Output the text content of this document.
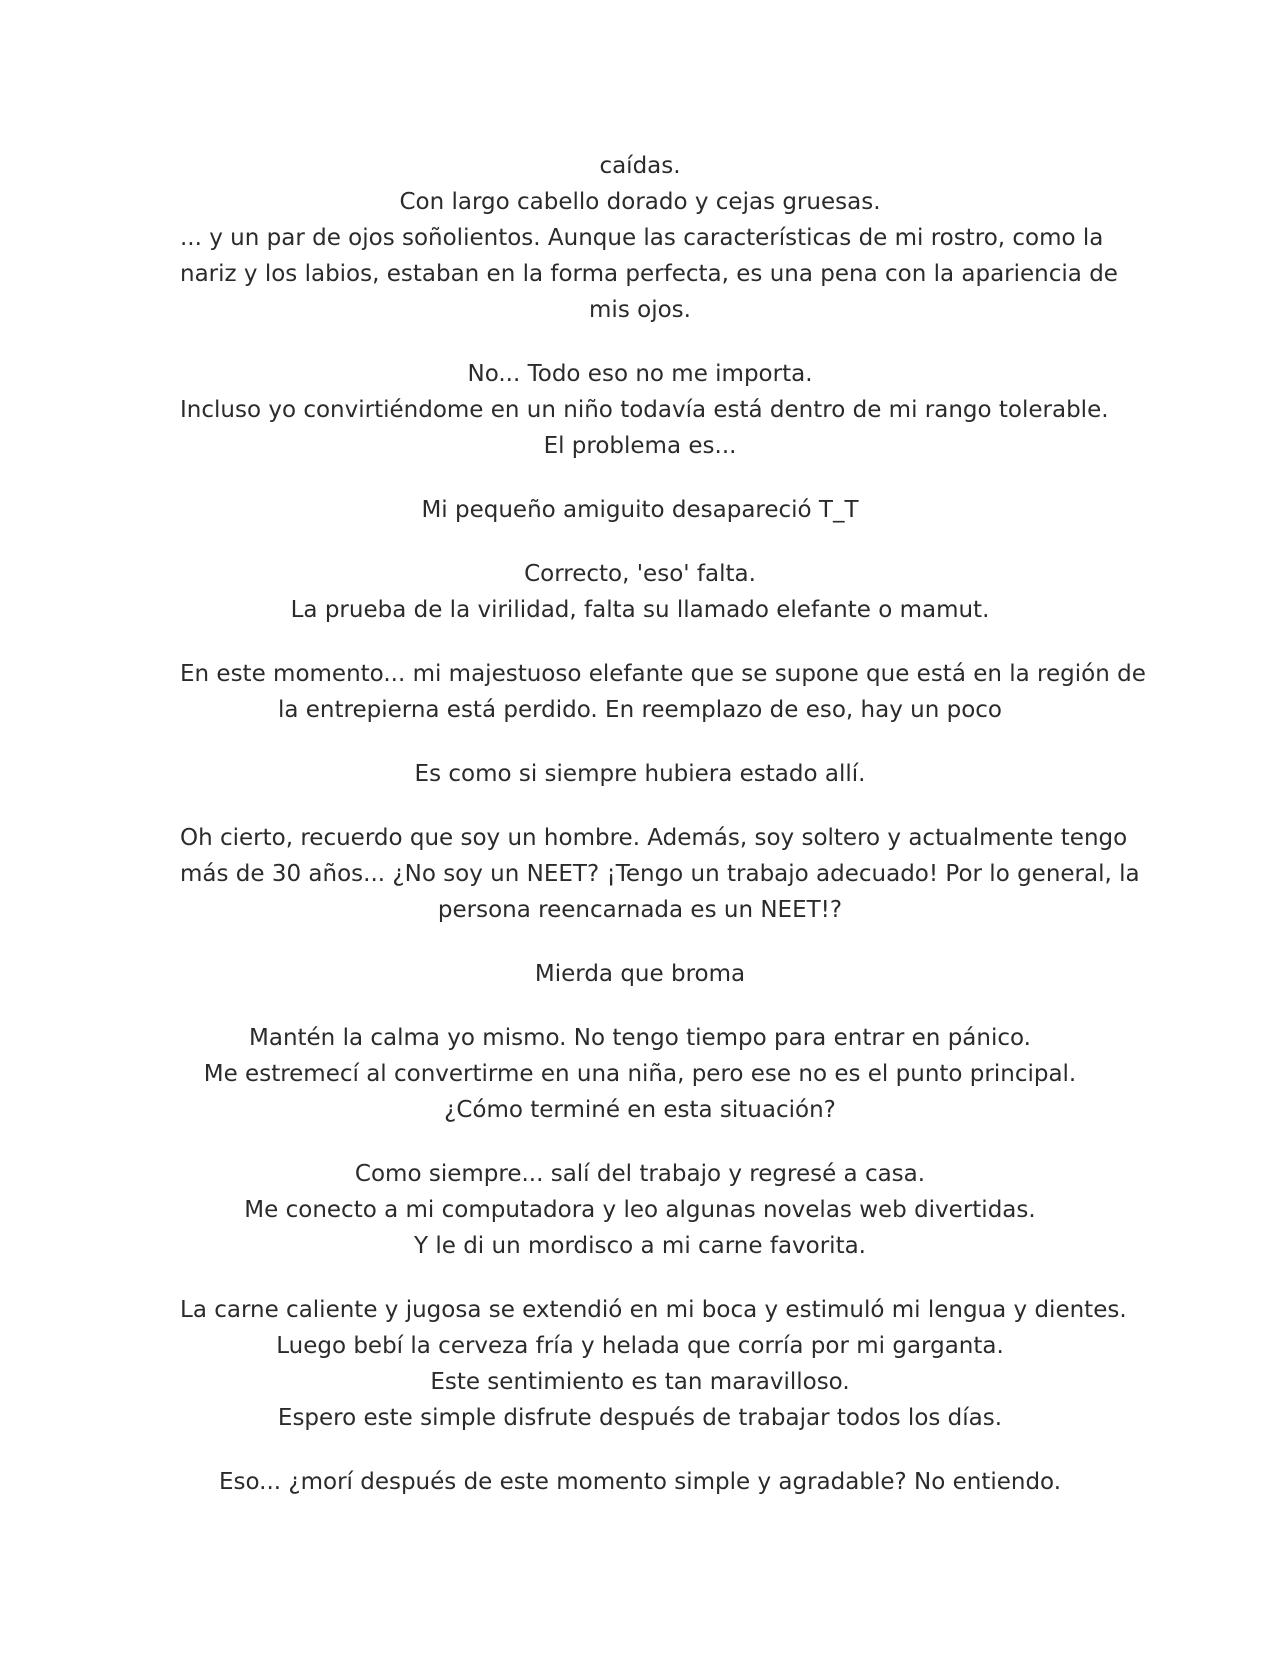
caídas.
Con largo cabello dorado y cejas gruesas.
... y un par de ojos soñolientos. Aunque las características de mi rostro, como la
nariz y los labios, estaban en la forma perfecta, es una pena con la apariencia de
mis ojos.
No... Todo eso no me importa.
Incluso yo convirtiéndome en un niño todavía está dentro de mi rango tolerable.
El problema es...
Mi pequeño amiguito desapareció T_T
Correcto, 'eso' falta.
La prueba de la virilidad, falta su llamado elefante o mamut.
En este momento... mi majestuoso elefante que se supone que está en la región de
la entrepierna está perdido. En reemplazo de eso, hay un poco
Es como si siempre hubiera estado allí.
Oh cierto, recuerdo que soy un hombre. Además, soy soltero y actualmente tengo
más de 30 años... ¿No soy un NEET? ¡Tengo un trabajo adecuado! Por lo general, la
persona reencarnada es un NEET!?
Mierda que broma
Mantén la calma yo mismo. No tengo tiempo para entrar en pánico.
Me estremecí al convertirme en una niña, pero ese no es el punto principal.
¿Cómo terminé en esta situación?
Como siempre... salí del trabajo y regresé a casa.
Me conecto a mi computadora y leo algunas novelas web divertidas.
Y le di un mordisco a mi carne favorita.
La carne caliente y jugosa se extendió en mi boca y estimuló mi lengua y dientes.
Luego bebí la cerveza fría y helada que corría por mi garganta.
Este sentimiento es tan maravilloso.
Espero este simple disfrute después de trabajar todos los días.
Eso... ¿morí después de este momento simple y agradable? No entiendo.
